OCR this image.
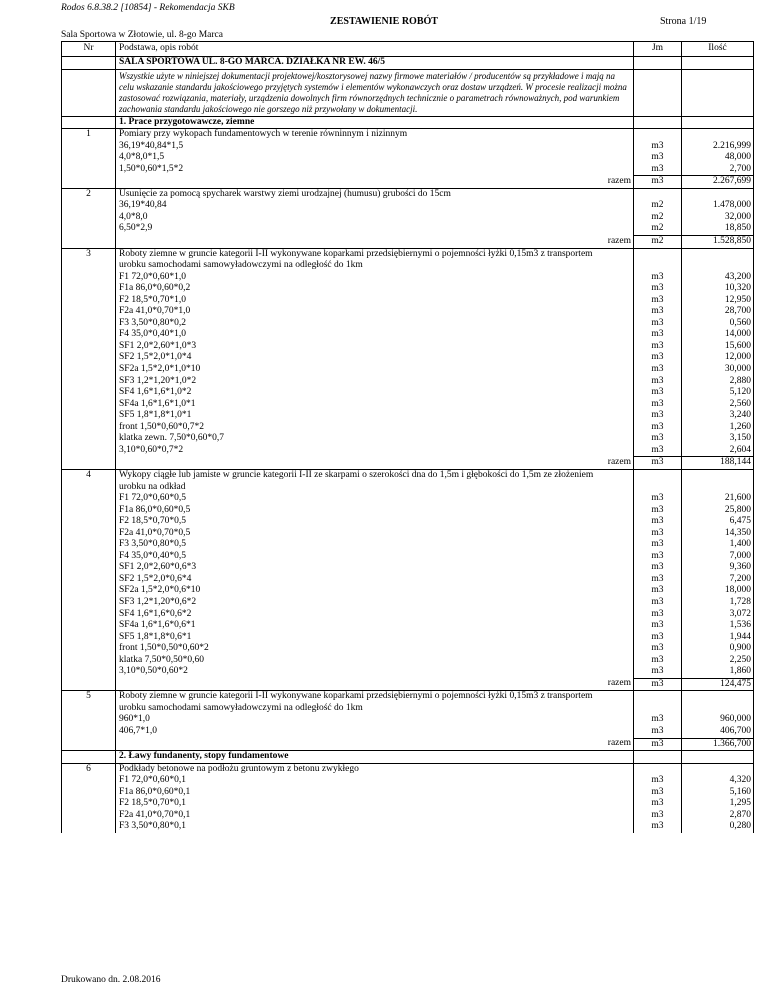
Rodos 6.8.38.2 [10854] - Rekomendacja SKB
ZESTAWIENIE ROBÓT	Strona 1/19
Sala Sportowa w Złotowie, ul. 8-go Marca
Nr	Podstawa, opis robót	Jm	Ilość
	SALA SPORTOWA UL. 8-GO MARCA. DZIAŁKA NR EW. 46/5		
	Wszystkie użyte w niniejszej dokumentacji projektowej/kosztorysowej nazwy firmowe materiałów / producentów są przykładowe i mają na celu wskazanie standardu jakościowego przyjętych systemów i elementów wykonawczych oraz dostaw urządzeń. W procesie realizacji można zastosować rozwiązania, materiały, urządzenia dowolnych firm równorzędnych technicznie o parametrach równoważnych, pod warunkiem zachowania standardu jakościowego nie gorszego niż przywołany w dokumentacji.		
	1. Prace przygotowawcze, ziemne		
1	Pomiary przy wykopach fundamentowych w terenie równinnym i nizinnym		
	36,19*40,84*1,5	m3	2.216,999
	4,0*8,0*1,5	m3	48,000
	1,50*0,60*1,5*2	m3	2,700
	razem	m3	2.267,699
2	Usunięcie za pomocą spycharek warstwy ziemi urodzajnej (humusu) grubości do 15cm		
	36,19*40,84	m2	1.478,000
	4,0*8,0	m2	32,000
	6,50*2,9	m2	18,850
	razem	m2	1.528,850
3	Roboty ziemne w gruncie kategorii I-II wykonywane koparkami przedsiębiernymi o pojemności łyżki 0,15m3 z transportem		
	urobku samochodami samowyładowczymi na odległość do 1km		
	F1 72,0*0,60*1,0	m3	43,200
	F1a 86,0*0,60*0,2	m3	10,320
	F2 18,5*0,70*1,0	m3	12,950
	F2a 41,0*0,70*1,0	m3	28,700
	F3 3,50*0,80*0,2	m3	0,560
	F4 35,0*0,40*1,0	m3	14,000
	SF1 2,0*2,60*1,0*3	m3	15,600
	SF2 1,5*2,0*1,0*4	m3	12,000
	SF2a 1,5*2,0*1,0*10	m3	30,000
	SF3 1,2*1,20*1,0*2	m3	2,880
	SF4 1,6*1,6*1,0*2	m3	5,120
	SF4a 1,6*1,6*1,0*1	m3	2,560
	SF5 1,8*1,8*1,0*1	m3	3,240
	front 1,50*0,60*0,7*2	m3	1,260
	klatka zewn. 7,50*0,60*0,7	m3	3,150
	3,10*0,60*0,7*2	m3	2,604
	razem	m3	188,144
4	Wykopy ciągłe lub jamiste w gruncie kategorii I-II ze skarpami o szerokości dna do 1,5m i głębokości do 1,5m ze złożeniem		
	urobku na odkład		
	F1 72,0*0,60*0,5	m3	21,600
	F1a 86,0*0,60*0,5	m3	25,800
	F2 18,5*0,70*0,5	m3	6,475
	F2a 41,0*0,70*0,5	m3	14,350
	F3 3,50*0,80*0,5	m3	1,400
	F4 35,0*0,40*0,5	m3	7,000
	SF1 2,0*2,60*0,6*3	m3	9,360
	SF2 1,5*2,0*0,6*4	m3	7,200
	SF2a 1,5*2,0*0,6*10	m3	18,000
	SF3 1,2*1,20*0,6*2	m3	1,728
	SF4 1,6*1,6*0,6*2	m3	3,072
	SF4a 1,6*1,6*0,6*1	m3	1,536
	SF5 1,8*1,8*0,6*1	m3	1,944
	front 1,50*0,50*0,60*2	m3	0,900
	klatka 7,50*0,50*0,60	m3	2,250
	3,10*0,50*0,60*2	m3	1,860
	razem	m3	124,475
5	Roboty ziemne w gruncie kategorii I-II wykonywane koparkami przedsiębiernymi o pojemności łyżki 0,15m3 z transportem		
	urobku samochodami samowyładowczymi na odległość do 1km		
	960*1,0	m3	960,000
	406,7*1,0	m3	406,700
	razem	m3	1.366,700
	2. Ławy fundanenty, stopy fundamentowe		
6	Podkłady betonowe na podłożu gruntowym z betonu zwykłego		
	F1 72,0*0,60*0,1	m3	4,320
	F1a 86,0*0,60*0,1	m3	5,160
	F2 18,5*0,70*0,1	m3	1,295
	F2a 41,0*0,70*0,1	m3	2,870
	F3 3,50*0,80*0,1	m3	0,280
Drukowano dn. 2.08.2016
